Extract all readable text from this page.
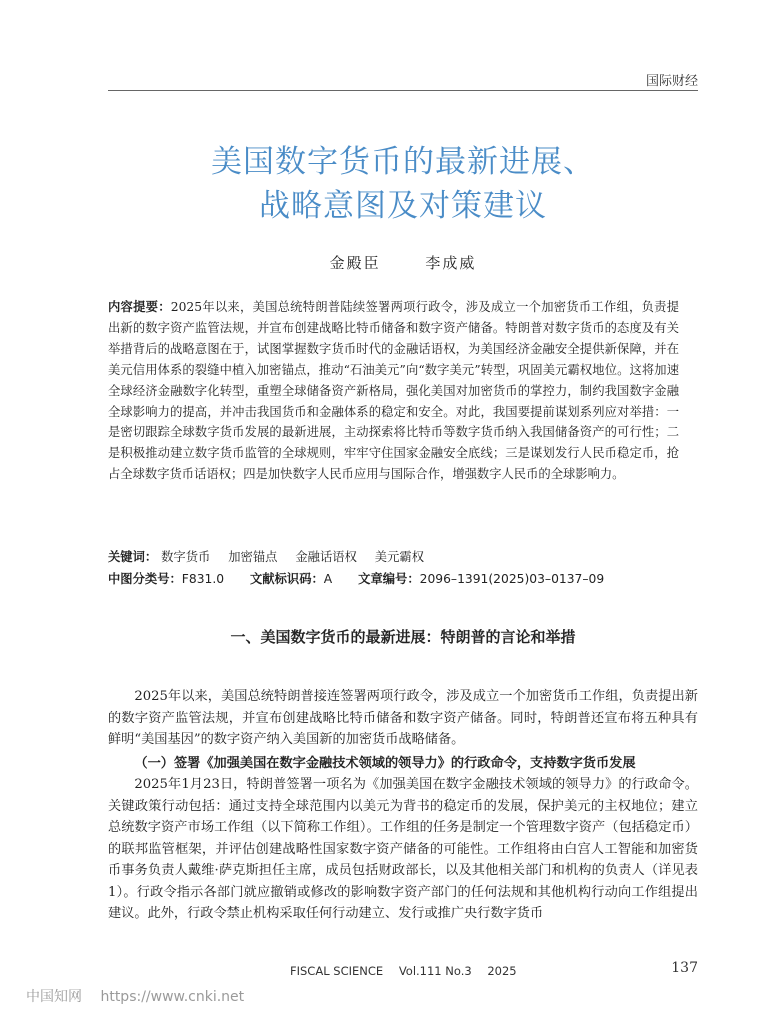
国际财经
美国数字货币的最新进展、
战略意图及对策建议
金殿臣	李成威
内容提要：2025年以来，美国总统特朗普陆续签署两项行政令，涉及成立一个加密货币工作组，负责提出新的数字资产监管法规，并宣布创建战略比特币储备和数字资产储备。特朗普对数字货币的态度及有关举措背后的战略意图在于，试图掌握数字货币时代的金融话语权，为美国经济金融安全提供新保障，并在美元信用体系的裂缝中植入加密锚点，推动“石油美元”向“数字美元”转型，巩固美元霸权地位。这将加速全球经济金融数字化转型，重塑全球储备资产新格局，强化美国对加密货币的掌控力，制约我国数字金融全球影响力的提高，并冲击我国货币和金融体系的稳定和安全。对此，我国要提前谋划系列应对举措：一是密切跟踪全球数字货币发展的最新进展，主动探索将比特币等数字货币纳入我国储备资产的可行性；二是积极推动建立数字货币监管的全球规则，牢牢守住国家金融安全底线；三是谋划发行人民币稳定币，抢占全球数字货币话语权；四是加快数字人民币应用与国际合作，增强数字人民币的全球影响力。
关键词： 数字货币 加密锚点 金融话语权 美元霸权
中图分类号：F831.0 文献标识码：A 文章编号：2096–1391(2025)03–0137–09
一、美国数字货币的最新进展：特朗普的言论和举措
2025年以来，美国总统特朗普接连签署两项行政令，涉及成立一个加密货币工作组，负责提出新的数字资产监管法规，并宣布创建战略比特币储备和数字资产储备。同时，特朗普还宣布将五种具有鲜明“美国基因”的数字资产纳入美国新的加密货币战略储备。
（一）签署《加强美国在数字金融技术领域的领导力》的行政命令，支持数字货币发展
2025年1月23日，特朗普签署一项名为《加强美国在数字金融技术领域的领导力》的行政命令。关键政策行动包括：通过支持全球范围内以美元为背书的稳定币的发展，保护美元的主权地位；建立总统数字资产市场工作组（以下简称工作组）。工作组的任务是制定一个管理数字资产（包括稳定币）的联邦监管框架，并评估创建战略性国家数字资产储备的可能性。工作组将由白宫人工智能和加密货币事务负责人戴维·萨克斯担任主席，成员包括财政部长，以及其他相关部门和机构的负责人（详见表1）。行政令指示各部门就应撤销或修改的影响数字资产部门的任何法规和其他机构行动向工作组提出建议。此外，行政令禁止机构采取任何行动建立、发行或推广央行数字货币
FISCAL SCIENCE Vol.111 No.3 2025	137
中国知网 https://www.cnki.net
